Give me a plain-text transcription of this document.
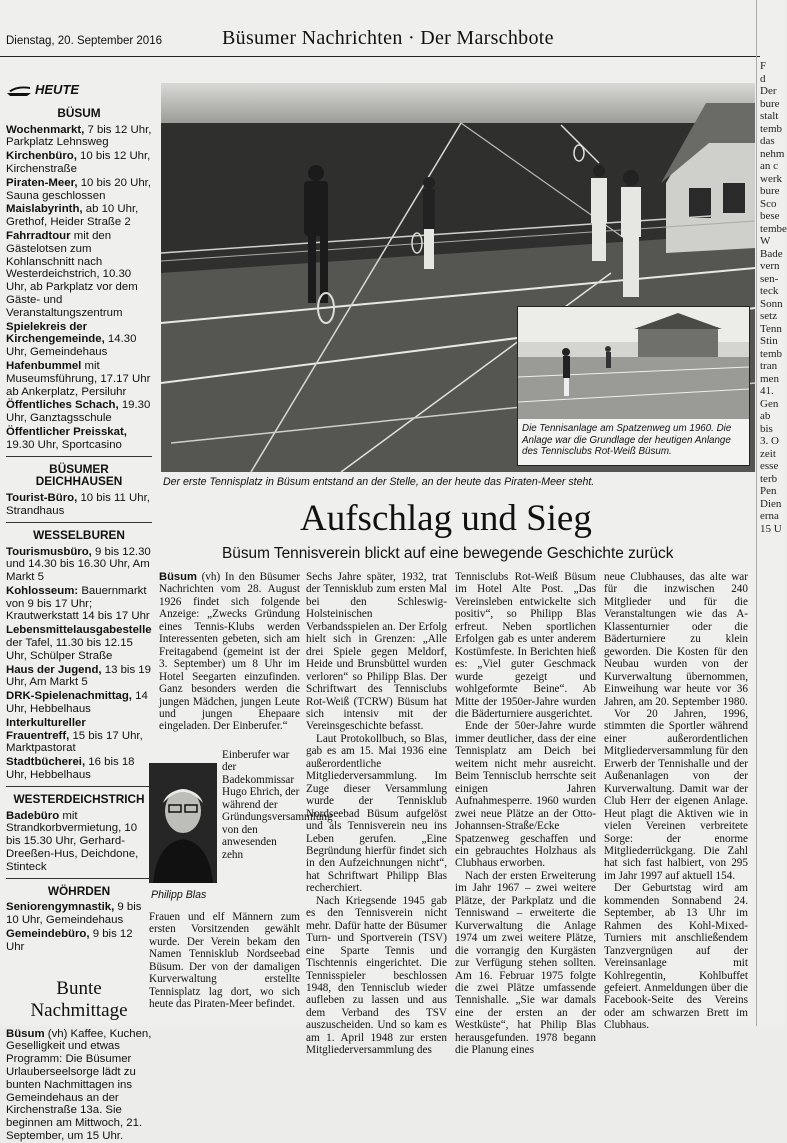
Dienstag, 20. September 2016	Büsumer Nachrichten · Der Marschbote
HEUTE
BÜSUM
Wochenmarkt, 7 bis 12 Uhr, Parkplatz Lehnsweg
Kirchenbüro, 10 bis 12 Uhr, Kirchenstraße
Piraten-Meer, 10 bis 20 Uhr, Sauna geschlossen
Maislabyrinth, ab 10 Uhr, Grethof, Heider Straße 2
Fahrradtour mit den Gästelotsen zum Kohlanschnitt nach Westerdeichstrich, 10.30 Uhr, ab Parkplatz vor dem Gäste- und Veranstaltungszentrum
Spielekreis der Kirchengemeinde, 14.30 Uhr, Gemeindehaus
Hafenbummel mit Museumsführung, 17.17 Uhr ab Ankerplatz, Persiluhr
Öffentliches Schach, 19.30 Uhr, Ganztagsschule
Öffentlicher Preisskat, 19.30 Uhr, Sportcasino
BÜSUMER DEICHHAUSEN
Tourist-Büro, 10 bis 11 Uhr, Strandhaus
WESSELBUREN
Tourismusbüro, 9 bis 12.30 und 14.30 bis 16.30 Uhr, Am Markt 5
Kohlosseum: Bauernmarkt von 9 bis 17 Uhr; Krautwerkstatt 14 bis 17 Uhr
Lebensmittelausgabestelle der Tafel, 11.30 bis 12.15 Uhr, Schülper Straße
Haus der Jugend, 13 bis 19 Uhr, Am Markt 5
DRK-Spielenachmittag, 14 Uhr, Hebbelhaus
Interkultureller Frauentreff, 15 bis 17 Uhr, Marktpastorat
Stadtbücherei, 16 bis 18 Uhr, Hebbelhaus
WESTERDEICHSTRICH
Badebüro mit Strandkorbvermietung, 10 bis 15.30 Uhr, Gerhard-Dreeßen-Hus, Deichdone, Stinteck
WÖHRDEN
Seniorengymnastik, 9 bis 10 Uhr, Gemeindehaus
Gemeindebüro, 9 bis 12 Uhr
Bunte Nachmittage
Büsum (vh) Kaffee, Kuchen, Geselligkeit und etwas Programm: Die Büsumer Urlauberseelsorge lädt zu bunten Nachmittagen ins Gemeindehaus an der Kirchenstraße 13a. Sie beginnen am Mittwoch, 21. September, um 15 Uhr.
Die Tennisanlage am Spatzenweg um 1960. Die Anlage war die Grundlage der heutigen Anlange des Tennisclubs Rot-Weiß Büsum.
Der erste Tennisplatz in Büsum entstand an der Stelle, an der heute das Piraten-Meer steht.
Aufschlag und Sieg
Büsum Tennisverein blickt auf eine bewegende Geschichte zurück

Büsum (vh) In den Büsumer Nachrichten vom 28. August 1926 findet sich folgende Anzeige: „Zwecks Gründung eines Tennis-Klubs werden Interessenten gebeten, sich am Freitagabend (gemeint ist der 3. September) um 8 Uhr im Hotel Seegarten einzufinden. Ganz besonders werden die jungen Mädchen, jungen Leute und jungen Ehepaare eingeladen. Der Einberufer.“

Philipp Blas
Einberufer war der Badekommissar Hugo Ehrich, der während der Gründungsversammlung von den anwesenden zehn

Frauen und elf Männern zum ersten Vorsitzenden gewählt wurde. Der Verein bekam den Namen Tennisklub Nordseebad Büsum. Der von der damaligen Kurverwaltung erstellte Tennisplatz lag dort, wo sich heute das Piraten-Meer befindet.

Sechs Jahre später, 1932, trat der Tennisklub zum ersten Mal bei den Schleswig-Holsteinischen Verbandsspielen an. Der Erfolg hielt sich in Grenzen: „Alle drei Spiele gegen Meldorf, Heide und Brunsbüttel wurden verloren“ so Philipp Blas. Der Schriftwart des Tennisclubs Rot-Weiß (TCRW) Büsum hat sich intensiv mit der Vereinsgeschichte befasst.

Laut Protokollbuch, so Blas, gab es am 15. Mai 1936 eine außerordentliche Mitgliederversammlung. Im Zuge dieser Versammlung wurde der Tennisklub Nordseebad Büsum aufgelöst und als Tennisverein neu ins Leben gerufen. „Eine Begründung hierfür findet sich in den Aufzeichnungen nicht“, hat Schriftwart Philipp Blas recherchiert.

Nach Kriegsende 1945 gab es den Tennisverein nicht mehr. Dafür hatte der Büsumer Turn- und Sportverein (TSV) eine Sparte Tennis und Tischtennis eingerichtet. Die Tennisspieler beschlossen 1948, den Tennisclub wieder aufleben zu lassen und aus dem Verband des TSV auszuscheiden. Und so kam es am 1. April 1948 zur ersten Mitgliederversammlung des

Tennisclubs Rot-Weiß Büsum im Hotel Alte Post. „Das Vereinsleben entwickelte sich positiv“, so Philipp Blas erfreut. Neben sportlichen Erfolgen gab es unter anderem Kostümfeste. In Berichten hieß es: „Viel guter Geschmack wurde gezeigt und wohlgeformte Beine“. Ab Mitte der 1950er-Jahre wurden die Bäderturniere ausgerichtet.

Ende der 50er-Jahre wurde immer deutlicher, dass der eine Tennisplatz am Deich bei weitem nicht mehr ausreicht. Beim Tennisclub herrschte seit einigen Jahren Aufnahmesperre. 1960 wurden zwei neue Plätze an der Otto-Johannsen-Straße/Ecke Spatzenweg geschaffen und ein gebrauchtes Holzhaus als Clubhaus erworben.

Nach der ersten Erweiterung im Jahr 1967 – zwei weitere Plätze, der Parkplatz und die Tenniswand – erweiterte die Kurverwaltung die Anlage 1974 um zwei weitere Plätze, die vorrangig den Kurgästen zur Verfügung stehen sollten. Am 16. Februar 1975 folgte die zwei Plätze umfassende Tennishalle. „Sie war damals eine der ersten an der Westküste“, hat Philip Blas herausgefunden. 1978 begann die Planung eines

neue Clubhauses, das alte war für die inzwischen 240 Mitglieder und für die Veranstaltungen wie das A-Klassenturnier oder die Bäderturniere zu klein geworden. Die Kosten für den Neubau wurden von der Kurverwaltung übernommen, Einweihung war heute vor 36 Jahren, am 20. September 1980.

Vor 20 Jahren, 1996, stimmten die Sportler während einer außerordentlichen Mitgliederversammlung für den Erwerb der Tennishalle und der Außenanlagen von der Kurverwaltung. Damit war der Club Herr der eigenen Anlage. Heut plagt die Aktiven wie in vielen Vereinen verbreitete Sorge: der enorme Mitgliederrückgang. Die Zahl hat sich fast halbiert, von 295 im Jahr 1997 auf aktuell 154.

Der Geburtstag wird am kommenden Sonnabend 24. September, ab 13 Uhr im Rahmen des Kohl-Mixed-Turniers mit anschließendem Tanzvergnügen auf der Vereinsanlage mit Kohlregentin, Kohlbuffet gefeiert. Anmeldungen über die Facebook-Seite des Vereins oder am schwarzen Brett im Clubhaus.

F
d
Der
bure
stalt
temb
das
nehm
an c
werk
bure
Sco
bese
tembe
W
Bade
vern
sen-
teck
Sonn
setz
Tenn
Stin
temb
tran
men
41.
Gen
ab
bis
3. O
zeit
esse
terb
Pen
Dien
erna
15 U
